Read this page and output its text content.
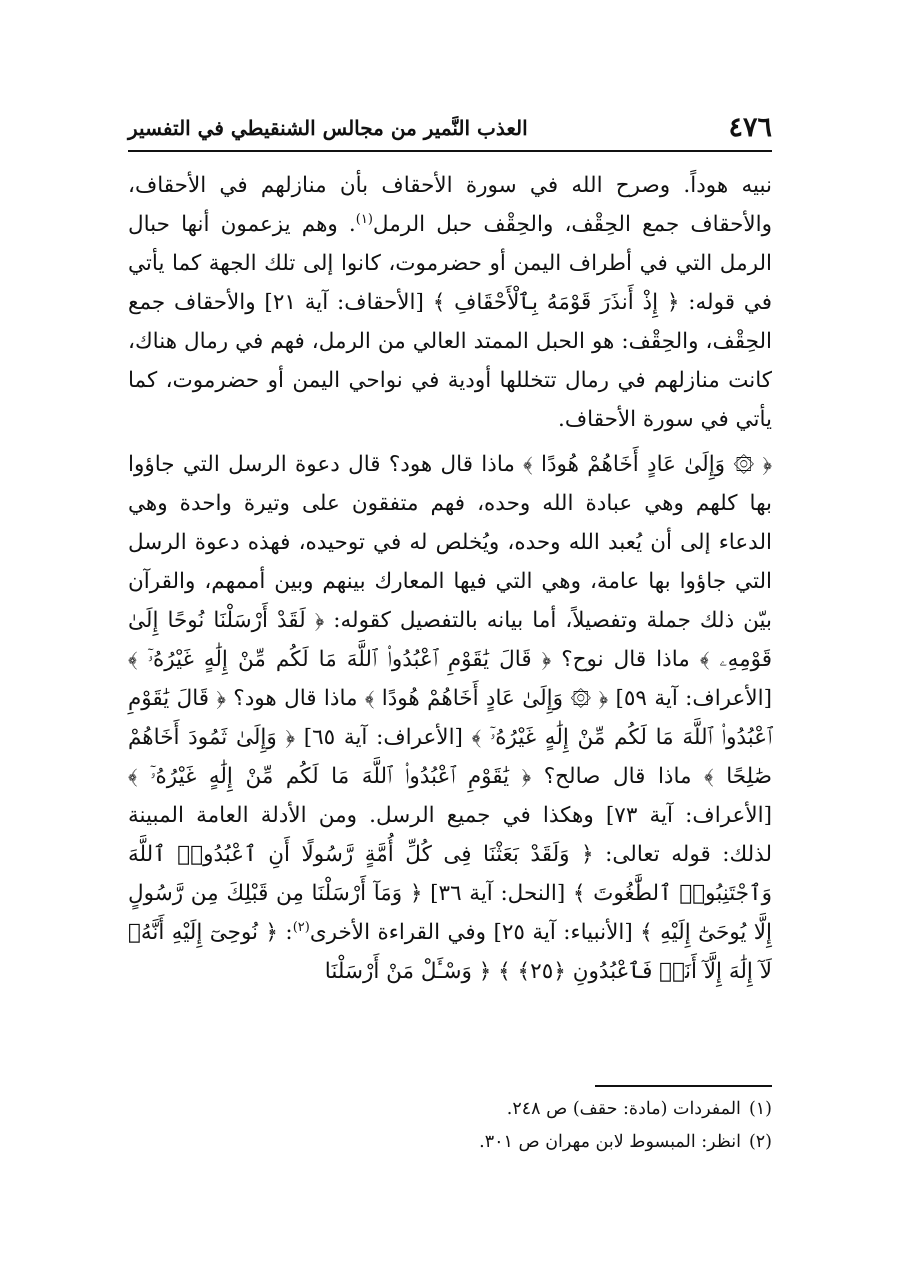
٤٧٦
العذب النَّمير من مجالس الشنقيطي في التفسير

نبيه هوداً. وصرح الله في سورة الأحقاف بأن منازلهم في الأحقاف، والأحقاف جمع الحِقْف، والحِقْف حبل الرمل$^{(١)}$. وهم يزعمون أنها حبال الرمل التي في أطراف اليمن أو حضرموت، كانوا إلى تلك الجهة كما يأتي في قوله: ﴿ إِذْ أَنذَرَ قَوْمَهُ بِٱلْأَحْقَافِ ﴾ [الأحقاف: آية ٢١] والأحقاف جمع الحِقْف، والحِقْف: هو الحبل الممتد العالي من الرمل، فهم في رمال هناك، كانت منازلهم في رمال تتخللها أودية في نواحي اليمن أو حضرموت، كما يأتي في سورة الأحقاف.

﴿ ۞ وَإِلَىٰ عَادٍ أَخَاهُمْ هُودًا ﴾ ماذا قال هود؟ قال دعوة الرسل التي جاؤوا بها كلهم وهي عبادة الله وحده، فهم متفقون على وتيرة واحدة وهي الدعاء إلى أن يُعبد الله وحده، ويُخلص له في توحيده، فهذه دعوة الرسل التي جاؤوا بها عامة، وهي التي فيها المعارك بينهم وبين أممهم، والقرآن بيّن ذلك جملة وتفصيلاً، أما بيانه بالتفصيل كقوله: ﴿ لَقَدْ أَرْسَلْنَا نُوحًا إِلَىٰ قَوْمِهِۦ ﴾ ماذا قال نوح؟ ﴿ قَالَ يَٰقَوْمِ ٱعْبُدُوا۟ ٱللَّهَ مَا لَكُم مِّنْ إِلَٰهٍ غَيْرُهُۥٓ ﴾ [الأعراف: آية ٥٩] ﴿ ۞ وَإِلَىٰ عَادٍ أَخَاهُمْ هُودًا ﴾ ماذا قال هود؟ ﴿ قَالَ يَٰقَوْمِ ٱعْبُدُوا۟ ٱللَّهَ مَا لَكُم مِّنْ إِلَٰهٍ غَيْرُهُۥٓ ﴾ [الأعراف: آية ٦٥] ﴿ وَإِلَىٰ ثَمُودَ أَخَاهُمْ صَٰلِحًا ﴾ ماذا قال صالح؟ ﴿ يَٰقَوْمِ ٱعْبُدُوا۟ ٱللَّهَ مَا لَكُم مِّنْ إِلَٰهٍ غَيْرُهُۥٓ ﴾ [الأعراف: آية ٧٣] وهكذا في جميع الرسل. ومن الأدلة العامة المبينة لذلك: قوله تعالى: ﴿ وَلَقَدْ بَعَثْنَا فِى كُلِّ أُمَّةٍ رَّسُولًا أَنِ ٱعْبُدُوا۟ ٱللَّهَ وَٱجْتَنِبُوا۟ ٱلطَّٰغُوتَ ﴾ [النحل: آية ٣٦] ﴿ وَمَآ أَرْسَلْنَا مِن قَبْلِكَ مِن رَّسُولٍ إِلَّا يُوحَىٰٓ إِلَيْهِ ﴾ [الأنبياء: آية ٢٥] وفي القراءة الأخرى$^{(٢)}$: ﴿ نُوحِىٓ إِلَيْهِ أَنَّهُۥ لَآ إِلَٰهَ إِلَّآ أَنَا۠ فَٱعْبُدُونِ ﴿٢٥﴾ ﴾ ﴿ وَسْـَٔلْ مَنْ أَرْسَلْنَا

(١)المفردات (مادة: حقف) ص ٢٤٨.

(٢)انظر: المبسوط لابن مهران ص ٣٠١.
